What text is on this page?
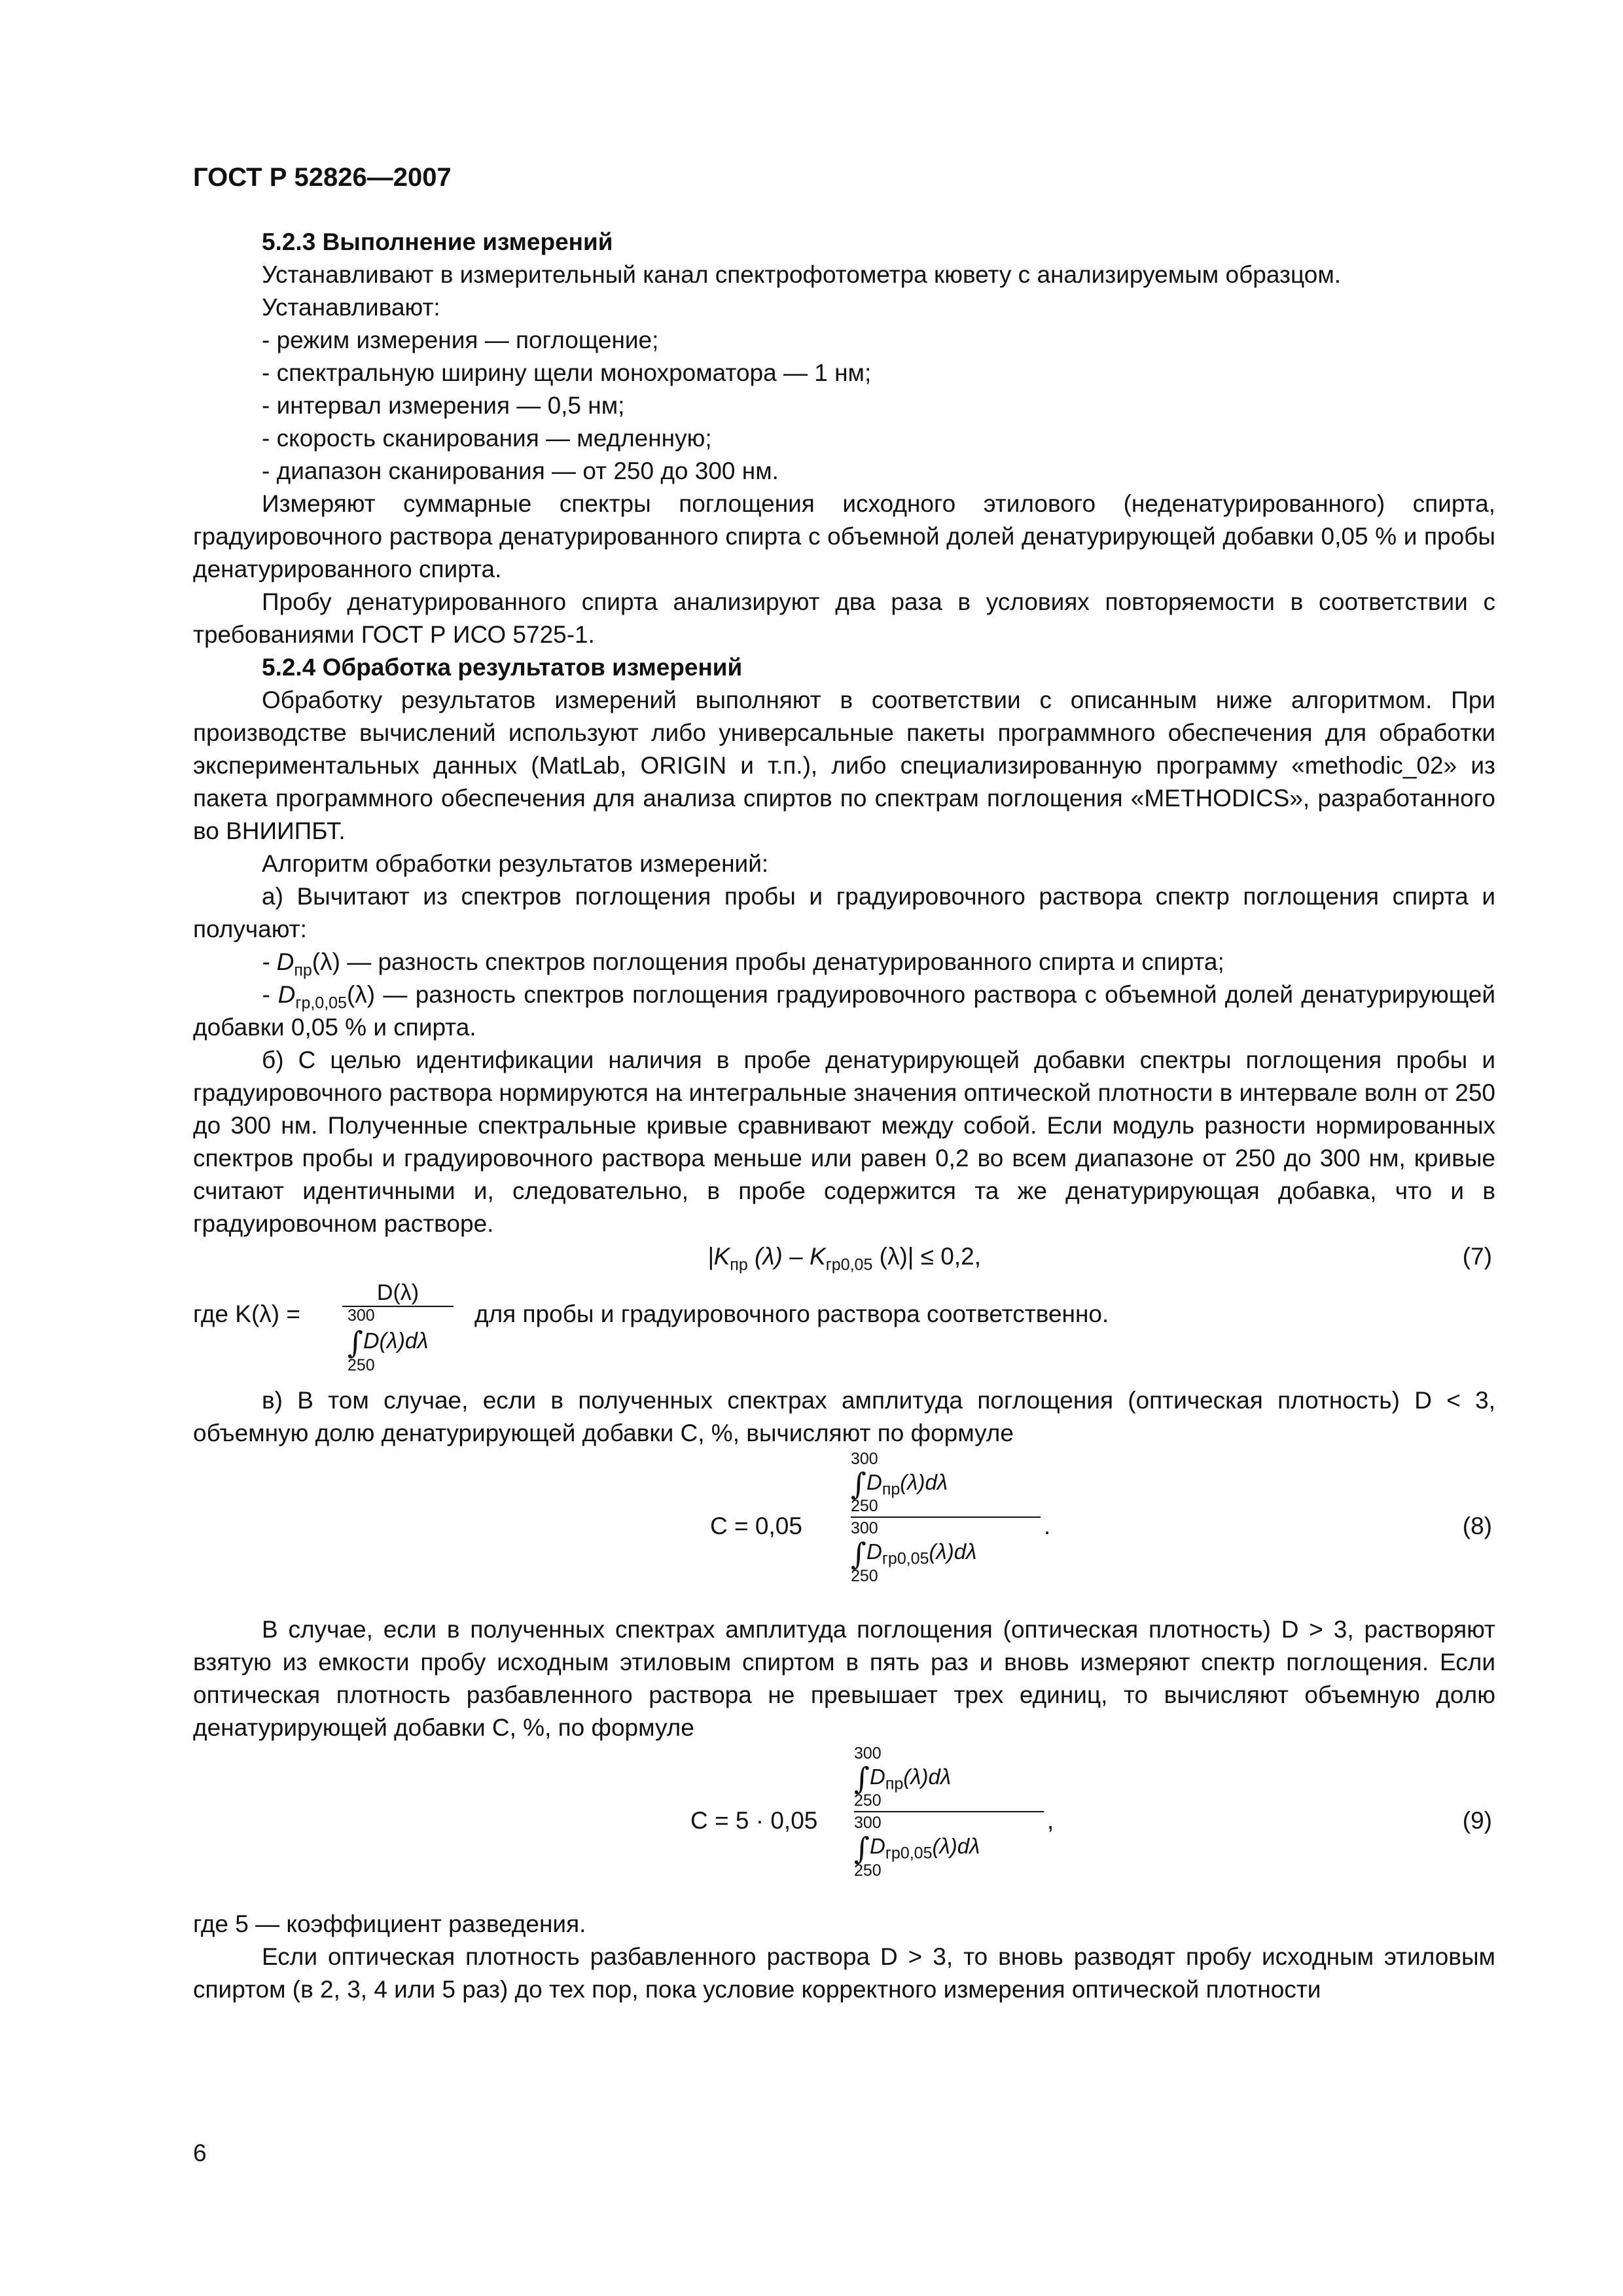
ГОСТ Р 52826—2007

5.2.3 Выполнение измерений

Устанавливают в измерительный канал спектрофотометра кювету с анализируемым образцом.

Устанавливают:

- режим измерения — поглощение;

- спектральную ширину щели монохроматора — 1 нм;

- интервал измерения — 0,5 нм;

- скорость сканирования — медленную;

- диапазон сканирования — от 250 до 300 нм.

Измеряют суммарные спектры поглощения исходного этилового (неденатурированного) спирта, градуировочного раствора денатурированного спирта с объемной долей денатурирующей добавки 0,05 % и пробы денатурированного спирта.

Пробу денатурированного спирта анализируют два раза в условиях повторяемости в соответствии с требованиями ГОСТ Р ИСО 5725-1.

5.2.4 Обработка результатов измерений

Обработку результатов измерений выполняют в соответствии с описанным ниже алгоритмом. При производстве вычислений используют либо универсальные пакеты программного обеспечения для обработки экспериментальных данных (MatLab, ORIGIN и т.п.), либо специализированную программу «methodic_02» из пакета программного обеспечения для анализа спиртов по спектрам поглощения «METHODICS», разработанного во ВНИИПБТ.

Алгоритм обработки результатов измерений:

а) Вычитают из спектров поглощения пробы и градуировочного раствора спектр поглощения спирта и получают:

- $D_{пр}(\lambda)$ — разность спектров поглощения пробы денатурированного спирта и спирта;

- $D_{гр,0,05}(\lambda)$ — разность спектров поглощения градуировочного раствора с объемной долей денатурирующей добавки 0,05 % и спирта.

б) С целью идентификации наличия в пробе денатурирующей добавки спектры поглощения пробы и градуировочного раствора нормируются на интегральные значения оптической плотности в интервале волн от 250 до 300 нм. Полученные спектральные кривые сравнивают между собой. Если модуль разности нормированных спектров пробы и градуировочного раствора меньше или равен 0,2 во всем диапазоне от 250 до 300 нм, кривые считают идентичными и, следовательно, в пробе содержится та же денатурирующая добавка, что и в градуировочном растворе.

$|K_{пр}$ $(\lambda) - K_{гр0,05}$ (λ)| ≤ 0,2,	(7)
где K(λ) =
D(λ)
300
∫D(λ)dλ
250
для пробы и градуировочного раствора соответственно.

в) В том случае, если в полученных спектрах амплитуда поглощения (оптическая плотность) D < 3, объемную долю денатурирующей добавки C, %, вычисляют по формуле

C = 0,05
300
$\int D_{пр}(\lambda)d\lambda$
250
300
$\int D_{гр0,05}(\lambda)d\lambda$
250
.	(8)

В случае, если в полученных спектрах амплитуда поглощения (оптическая плотность) D > 3, растворяют взятую из емкости пробу исходным этиловым спиртом в пять раз и вновь измеряют спектр поглощения. Если оптическая плотность разбавленного раствора не превышает трех единиц, то вычисляют объемную долю денатурирующей добавки C, %, по формуле

C = 5 · 0,05
300
$\int D_{пр}(\lambda)d\lambda$
250
300
$\int D_{гр0,05}(\lambda)d\lambda$
250
,	(9)

где 5 — коэффициент разведения.

Если оптическая плотность разбавленного раствора D > 3, то вновь разводят пробу исходным этиловым спиртом (в 2, 3, 4 или 5 раз) до тех пор, пока условие корректного измерения оптической плотности

6
